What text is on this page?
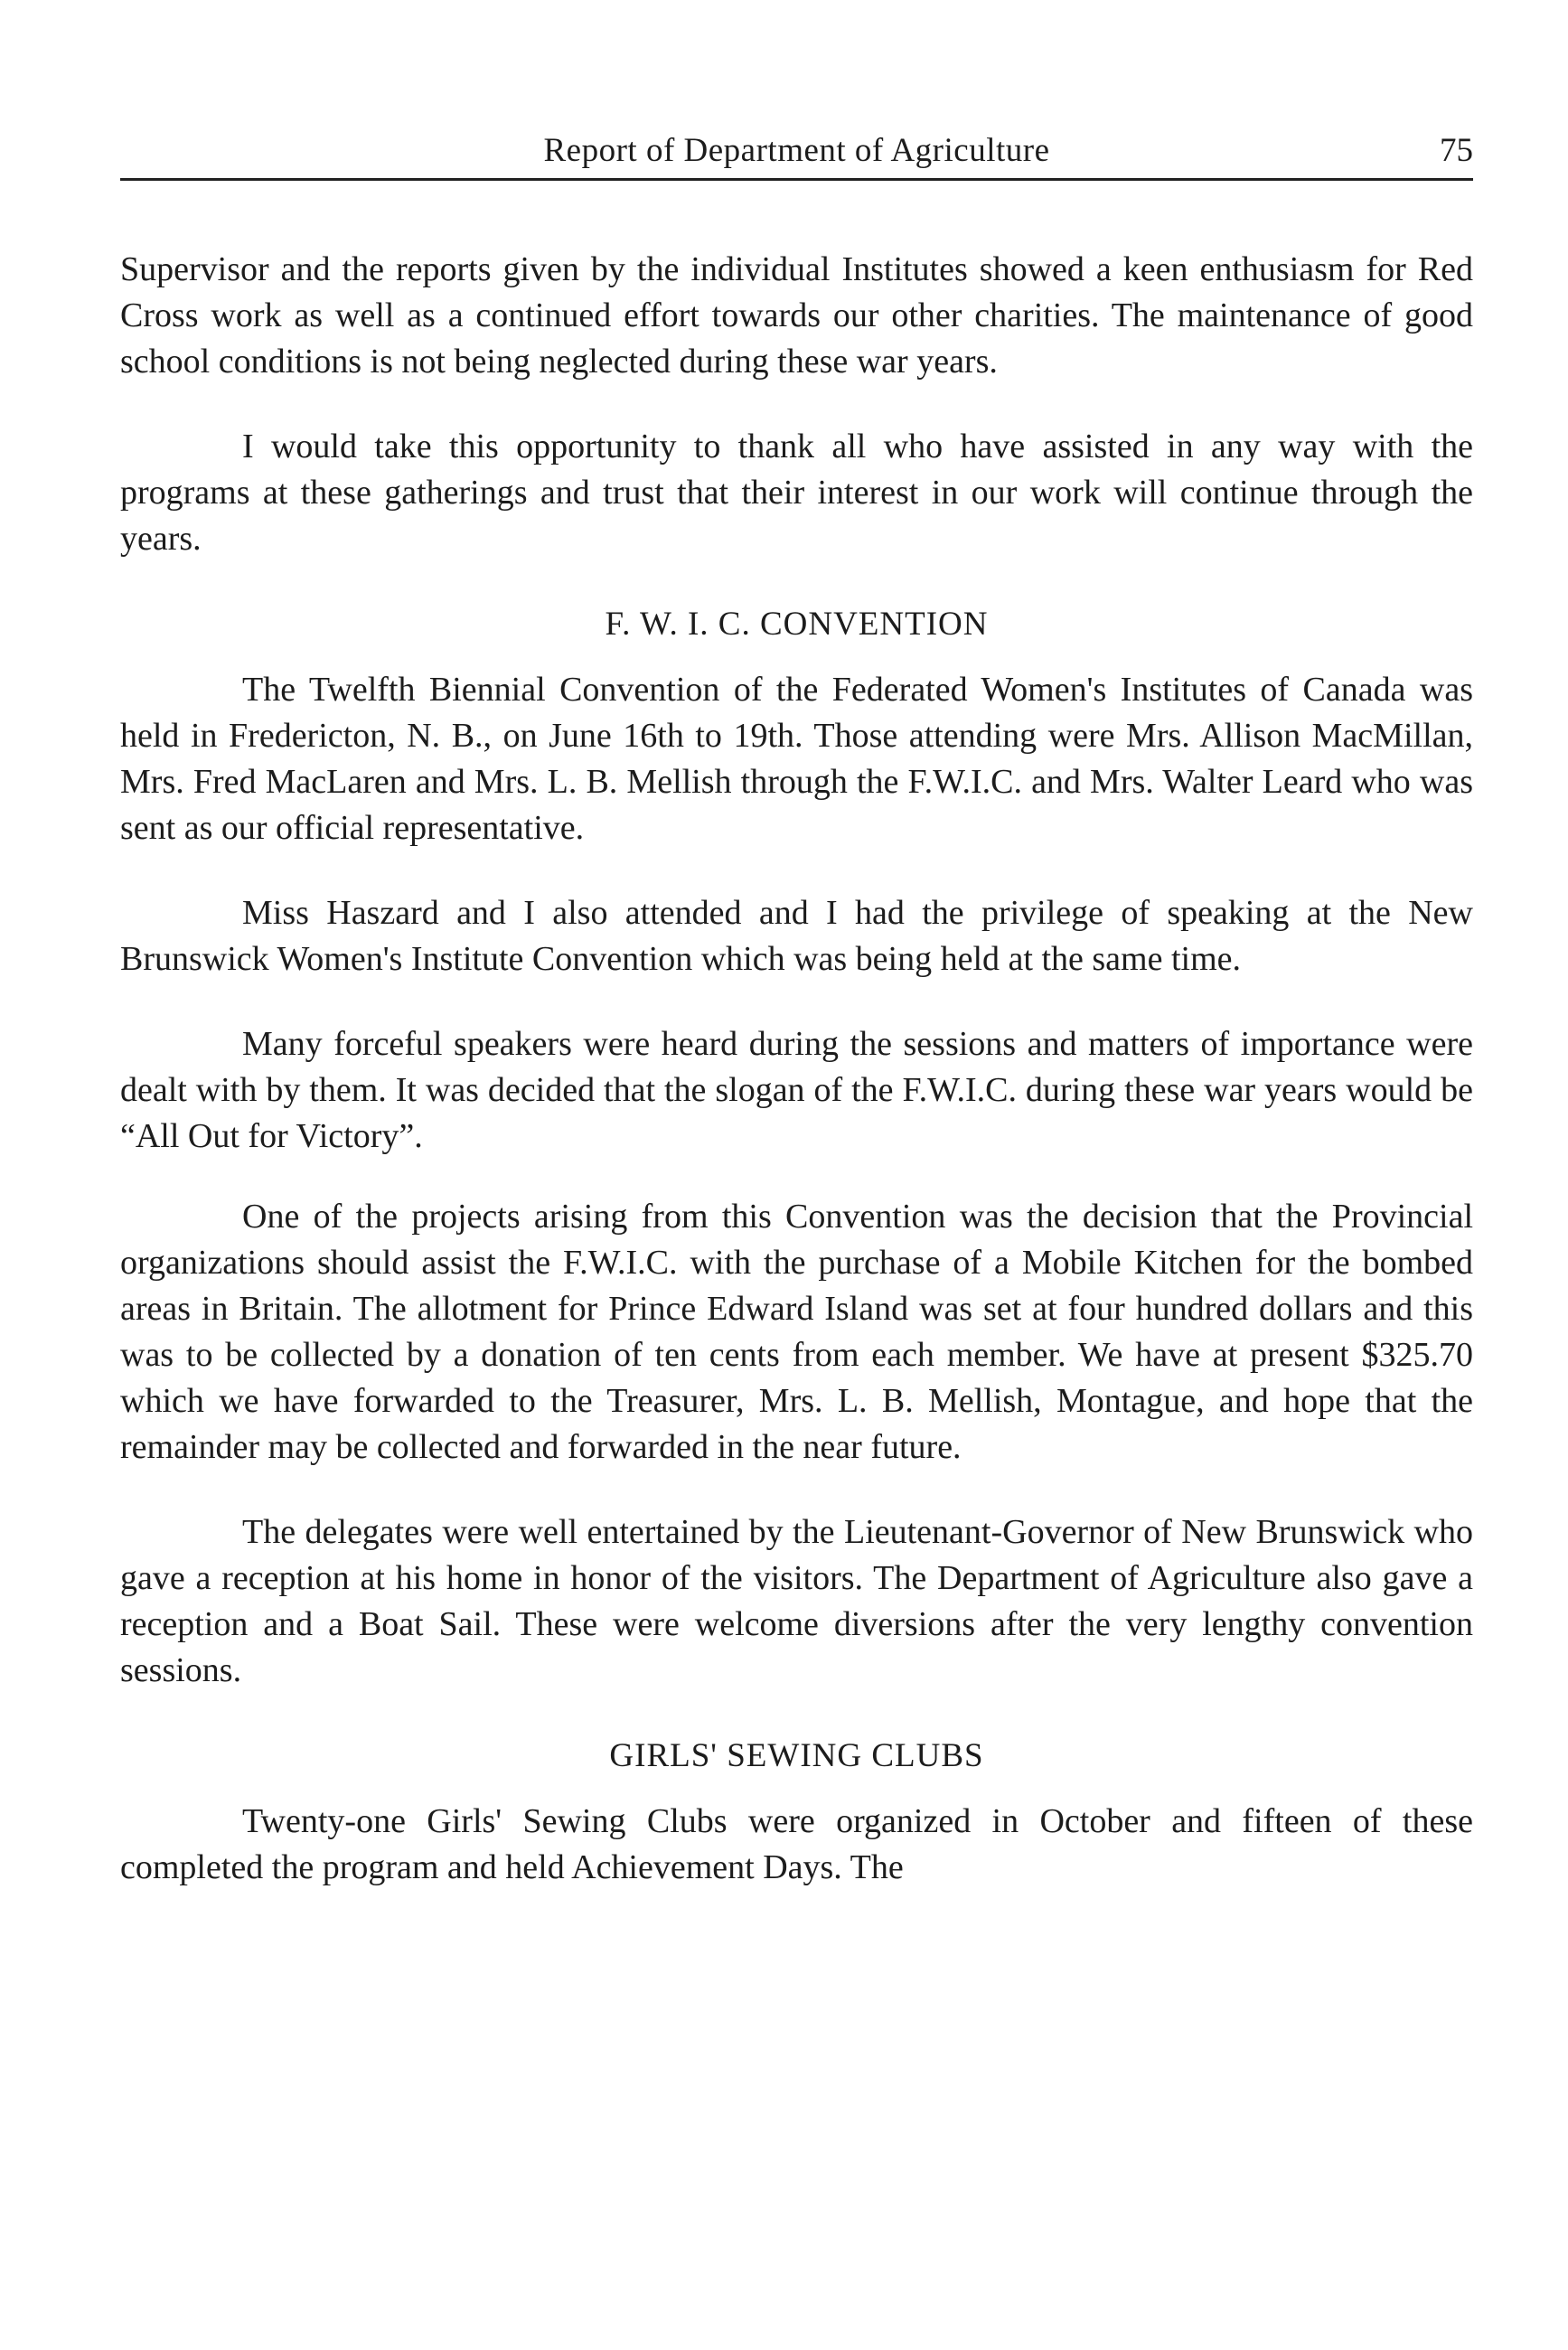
Report of Department of Agriculture	75

Supervisor and the reports given by the individual Institutes showed a keen enthusiasm for Red Cross work as well as a continued effort towards our other charities. The maintenance of good school conditions is not being neglected during these war years.

I would take this opportunity to thank all who have assisted in any way with the programs at these gatherings and trust that their interest in our work will continue through the years.

F. W. I. C. CONVENTION

The Twelfth Biennial Convention of the Federated Women's Institutes of Canada was held in Fredericton, N. B., on June 16th to 19th. Those attending were Mrs. Allison MacMillan, Mrs. Fred MacLaren and Mrs. L. B. Mellish through the F.W.I.C. and Mrs. Walter Leard who was sent as our official representative.

Miss Haszard and I also attended and I had the privilege of speaking at the New Brunswick Women's Institute Convention which was being held at the same time.

Many forceful speakers were heard during the sessions and matters of importance were dealt with by them. It was decided that the slogan of the F.W.I.C. during these war years would be “All Out for Victory”.

One of the projects arising from this Convention was the decision that the Provincial organizations should assist the F.W.I.C. with the purchase of a Mobile Kitchen for the bombed areas in Britain. The allotment for Prince Edward Island was set at four hundred dollars and this was to be collected by a donation of ten cents from each member. We have at present $325.70 which we have forwarded to the Treasurer, Mrs. L. B. Mellish, Montague, and hope that the remainder may be collected and forwarded in the near future.

The delegates were well entertained by the Lieutenant-Governor of New Brunswick who gave a reception at his home in honor of the visitors. The Department of Agriculture also gave a reception and a Boat Sail. These were welcome diversions after the very lengthy convention sessions.

GIRLS' SEWING CLUBS

Twenty-one Girls' Sewing Clubs were organized in October and fifteen of these completed the program and held Achievement Days. The
